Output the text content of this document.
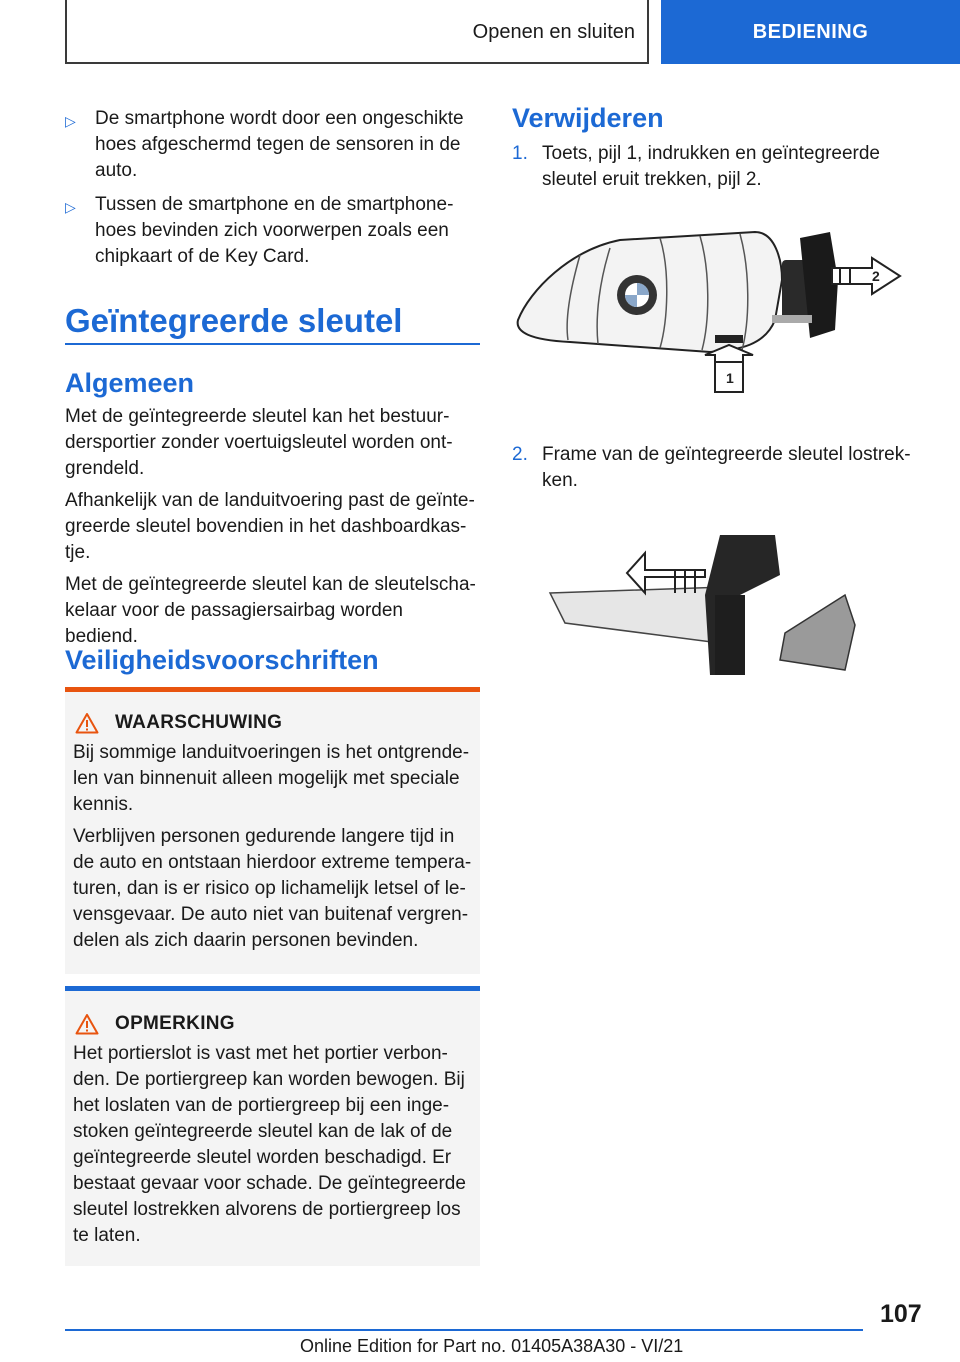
Openen en sluiten	BEDIENING
▷	De smartphone wordt door een ongeschikte hoes afgeschermd tegen de sensoren in de auto.
▷	Tussen de smartphone en de smartphone-hoes bevinden zich voorwerpen zoals een chipkaart of de Key Card.
Geïntegreerde sleutel
Algemeen

Met de geïntegreerde sleutel kan het bestuur-dersportier zonder voertuigsleutel worden ont-grendeld.

Afhankelijk van de landuitvoering past de geïnte-greerde sleutel bovendien in het dashboardkas-tje.

Met de geïntegreerde sleutel kan de sleutelscha-kelaar voor de passagiersairbag worden bediend.

Veiligheidsvoorschriften
WAARSCHUWING

Bij sommige landuitvoeringen is het ontgrende-len van binnenuit alleen mogelijk met speciale kennis.

Verblijven personen gedurende langere tijd in de auto en ontstaan hierdoor extreme tempera-turen, dan is er risico op lichamelijk letsel of le-vensgevaar. De auto niet van buitenaf vergren-delen als zich daarin personen bevinden.

OPMERKING

Het portierslot is vast met het portier verbon-den. De portiergreep kan worden bewogen. Bij het loslaten van de portiergreep bij een inge-stoken geïntegreerde sleutel kan de lak of de geïntegreerde sleutel worden beschadigd. Er bestaat gevaar voor schade. De geïntegreerde sleutel lostrekken alvorens de portiergreep los te laten.

Verwijderen
1. Toets, pijl 1, indrukken en geïntegreerde sleutel eruit trekken, pijl 2.
2
1
2. Frame van de geïntegreerde sleutel lostrek-ken.
107
Online Edition for Part no. 01405A38A30 - VI/21
